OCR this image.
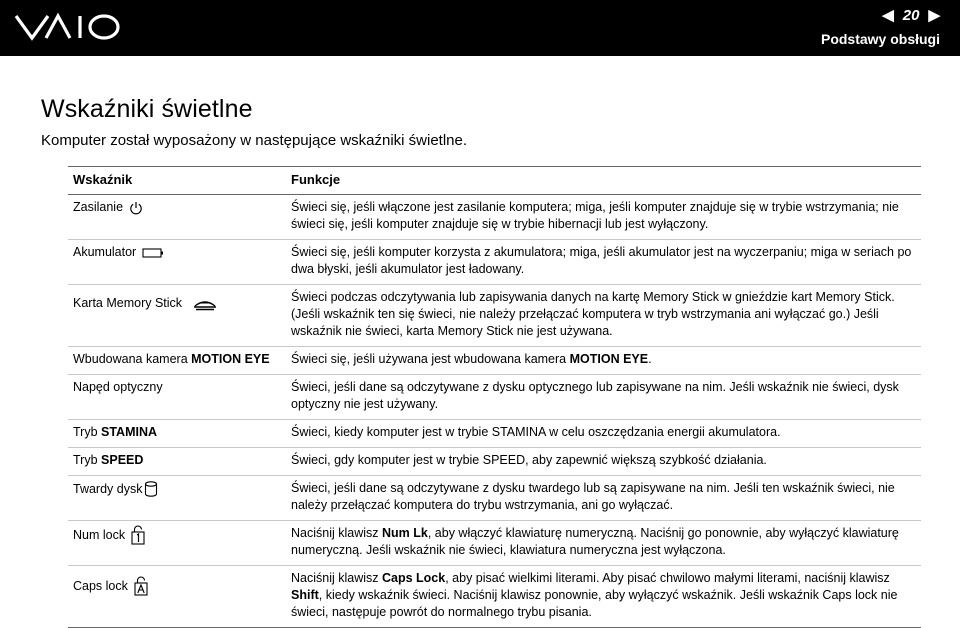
◀ 20 ▶
Podstawy obsługi
Wskaźniki świetlne
Komputer został wyposażony w następujące wskaźniki świetlne.
Wskaźnik	Funkcje

Zasilanie	Świeci się, jeśli włączone jest zasilanie komputera; miga, jeśli komputer znajduje się w trybie wstrzymania; nie świeci się, jeśli komputer znajduje się w trybie hibernacji lub jest wyłączony.

Akumulator	Świeci się, jeśli komputer korzysta z akumulatora; miga, jeśli akumulator jest na wyczerpaniu; miga w seriach po dwa błyski, jeśli akumulator jest ładowany.

Karta Memory Stick	Świeci podczas odczytywania lub zapisywania danych na kartę Memory Stick w gnieździe kart Memory Stick. (Jeśli wskaźnik ten się świeci, nie należy przełączać komputera w tryb wstrzymania ani wyłączać go.) Jeśli wskaźnik nie świeci, karta Memory Stick nie jest używana.
Wbudowana kamera MOTION EYE	Świeci się, jeśli używana jest wbudowana kamera MOTION EYE.
Napęd optyczny	Świeci, jeśli dane są odczytywane z dysku optycznego lub zapisywane na nim. Jeśli wskaźnik nie świeci, dysk optyczny nie jest używany.
Tryb STAMINA	Świeci, kiedy komputer jest w trybie STAMINA w celu oszczędzania energii akumulatora.
Tryb SPEED	Świeci, gdy komputer jest w trybie SPEED, aby zapewnić większą szybkość działania.

Twardy dysk	Świeci, jeśli dane są odczytywane z dysku twardego lub są zapisywane na nim. Jeśli ten wskaźnik świeci, nie należy przełączać komputera do trybu wstrzymania, ani go wyłączać.

Num lock	Naciśnij klawisz Num Lk, aby włączyć klawiaturę numeryczną. Naciśnij go ponownie, aby wyłączyć klawiaturę numeryczną. Jeśli wskaźnik nie świeci, klawiatura numeryczna jest wyłączona.

Caps lock	Naciśnij klawisz Caps Lock, aby pisać wielkimi literami. Aby pisać chwilowo małymi literami, naciśnij klawisz Shift, kiedy wskaźnik świeci. Naciśnij klawisz ponownie, aby wyłączyć wskaźnik. Jeśli wskaźnik Caps lock nie świeci, następuje powrót do normalnego trybu pisania.
